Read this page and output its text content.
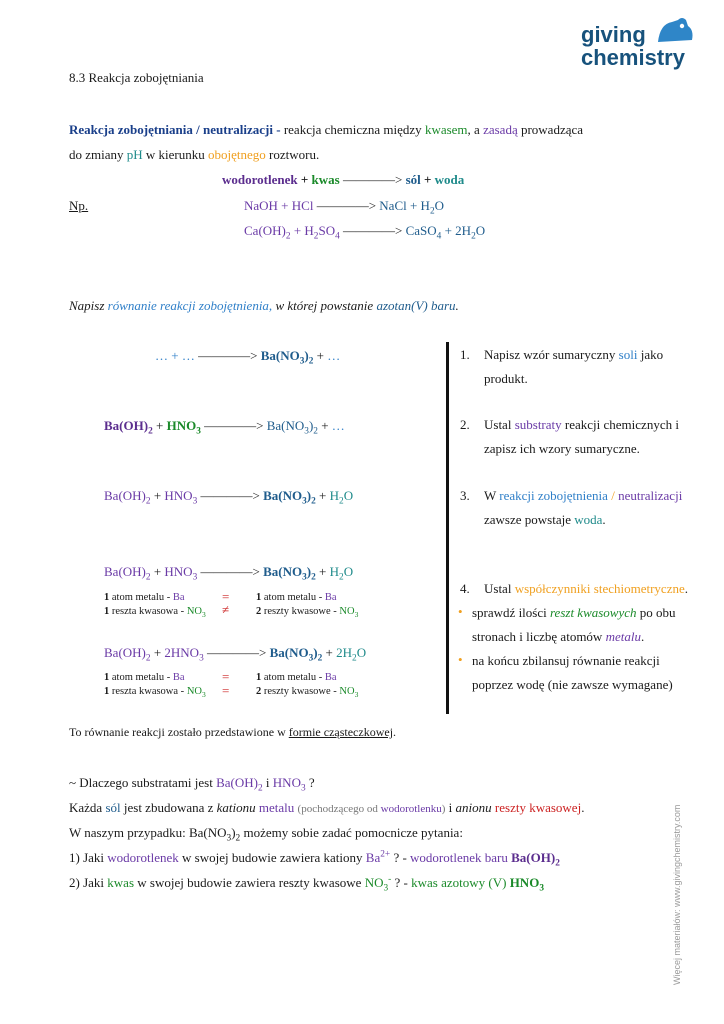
giving
chemistry
8.3 Reakcja zobojętniania
Reakcja zobojętniania / neutralizacji - reakcja chemiczna między kwasem, a zasadą prowadząca
do zmiany pH w kierunku obojętnego roztworu.
wodorotlenek + kwas ————> sól + woda
Np.	NaOH + HCl ————> NaCl + $H_2O$
$Ca(OH)_2 + H_2SO_4$ ————> CaSO$_4$ + $2H_2O$
Napisz równanie reakcji zobojętnienia, w której powstanie azotan(V) baru.
… + … ————> $Ba(NO_3)_2$ + …
$Ba(OH)_2 + HNO_3$ ————> $Ba(NO_3)_2$ + …
$Ba(OH)_2 + HNO_3$ ————> $Ba(NO_3)_2 + H_2O$
$Ba(OH)_2 + HNO_3$ ————> $Ba(NO_3)_2 + H_2O$
1 atom metalu - Ba	=	1 atom metalu - Ba
1 reszta kwasowa - $NO_3$ ≠	2 reszty kwasowe - $NO_3$
$Ba(OH)_2 + 2HNO_3$ ————> $Ba(NO_3)_2 + 2H_2O$
1 atom metalu - Ba	=	1 atom metalu - Ba
1 reszta kwasowa - $NO_3$ =	2 reszty kwasowe - $NO_3$
1. Napisz wzór sumaryczny soli jako
produkt.
2. Ustal substraty reakcji chemicznych i
zapisz ich wzory sumaryczne.
3. W reakcji zobojętnienia / neutralizacji
zawsze powstaje woda.
4. Ustal współczynniki stechiometryczne.
• sprawdź ilości reszt kwasowych po obu
stronach i liczbę atomów metalu.
• na końcu zbilansuj równanie reakcji
poprzez wodę (nie zawsze wymagane)
To równanie reakcji zostało przedstawione w formie cząsteczkowej.
~ Dlaczego substratami jest $Ba(OH)_2$ i $HNO_3$ ?
Każda sól jest zbudowana z kationu metalu (pochodzącego od wodorotlenku) i anionu reszty kwasowej.
W naszym przypadku: $Ba(NO_3)_2$ możemy sobie zadać pomocnicze pytania:
1) Jaki wodorotlenek w swojej budowie zawiera kationy $Ba^{2+}$ ? - wodorotlenek baru $Ba(OH)_2$
2) Jaki kwas w swojej budowie zawiera reszty kwasowe $NO_3^-$ ? - kwas azotowy (V) $HNO_3$	Więcej materiałów: www.givingchemistry.com
